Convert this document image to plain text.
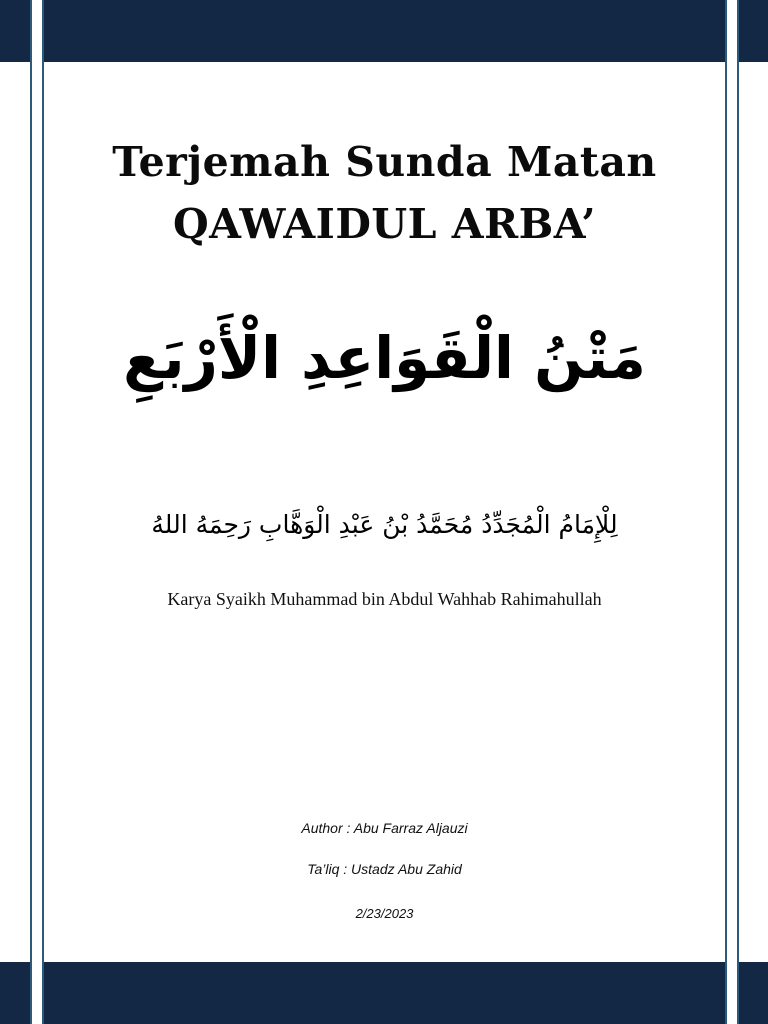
Terjemah Sunda Matan
QAWAIDUL ARBA’
مَتْنُ الْقَوَاعِدِ الْأَرْبَعِ
لِلْإِمَامُ الْمُجَدِّدُ مُحَمَّدُ بْنُ عَبْدِ الْوَهَّابِ رَحِمَهُ اللهُ
Karya Syaikh Muhammad bin Abdul Wahhab Rahimahullah
Author : Abu Farraz Aljauzi
Ta’liq : Ustadz Abu Zahid
2/23/2023
